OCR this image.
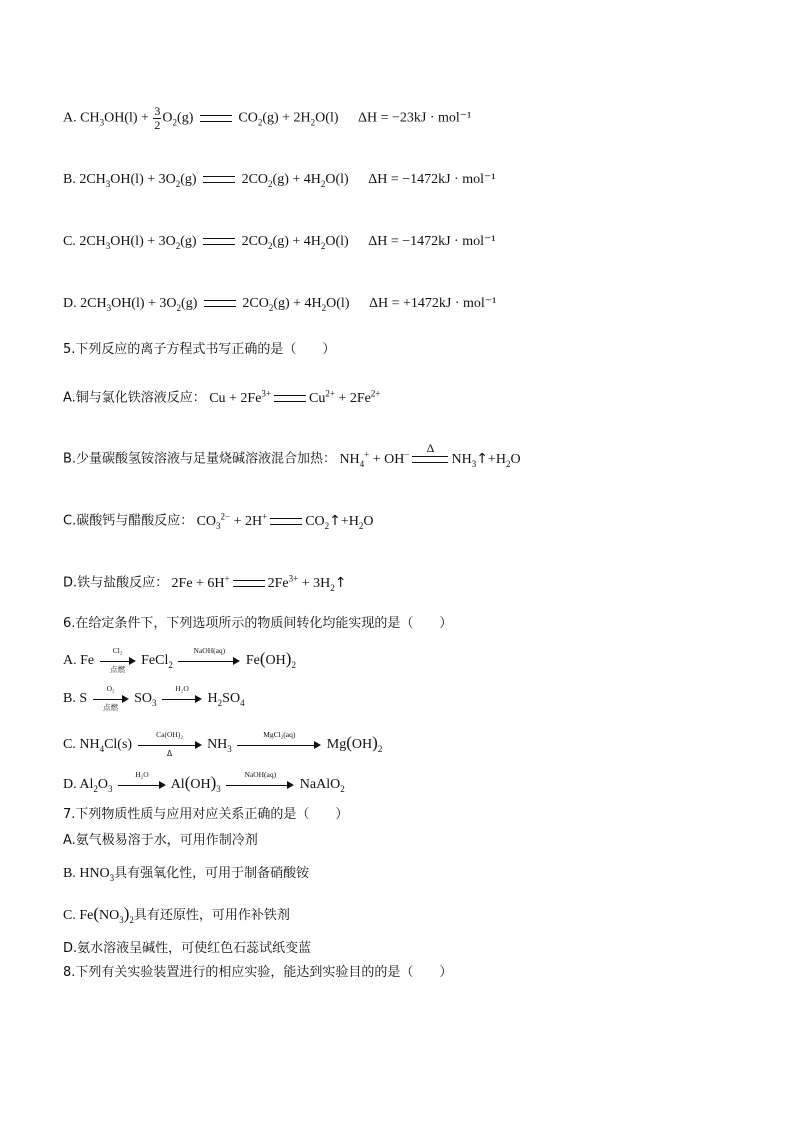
A. $CH_3OH(l) + \frac{3}{2} O_2(g)$	$CO_2(g) + 2H_2O(l) \Delta H = -23kJ \cdot mol^{-1}$
B. $2CH_3OH(l) + 3O_2(g)$	$2CO_2(g) + 4H_2O(l) \Delta H = -1472kJ \cdot mol^{-1}$
C. $2CH_3OH(l) + 3O_2(g)$	$2CO_2(g) + 4H_2O(l) \Delta H = -1472kJ \cdot mol^{-1}$
D. $2CH_3OH(l) + 3O_2(g)$	$2CO_2(g) + 4H_2O(l) \Delta H = +1472kJ \cdot mol^{-1}$
5.下列反应的离子方程式书写正确的是（　　）
A.铜与氯化铁溶液反应： $Cu + 2Fe^{3+}$	$Cu^{2+} + 2Fe^{2+}$
B.少量碳酸氢铵溶液与足量烧碱溶液混合加热： $NH_4^+ + OH^-$	Δ
$NH_3↑+H_2O$
C.碳酸钙与醋酸反应： $CO_3^{2-} + 2H^+$	$CO_2↑+H_2O$
D.铁与盐酸反应： 2Fe + 6H+	$2Fe^{3+}$ + $3H_2↑$
6.在给定条件下，下列选项所示的物质间转化均能实现的是（　　）
A. Fe
Cl₂
点燃
FeCl$_2$
NaOH(aq)
$Fe(OH)_2$
B. S
O₂
点燃
$SO_3$
H₂O
$H_2SO_4$
C. $NH_4Cl(s) \frac{\text{Ca(OH)₂}}{\Delta} NH_3$
MgCl₂(aq)
$Mg(OH)_2$
D. $Al_2O_3$
H₂O
$Al(OH)_3$
NaOH(aq)
NaAlO$_2$
7.下列物质性质与应用对应关系正确的是（　　）
A.氨气极易溶于水，可用作制冷剂
B. $HNO_3$具有强氧化性，可用于制备硝酸铵
C. $Fe(NO_3)_2$具有还原性，可用作补铁剂
D.氨水溶液呈碱性，可使红色石蕊试纸变蓝
8.下列有关实验装置进行的相应实验，能达到实验目的的是（　　）
